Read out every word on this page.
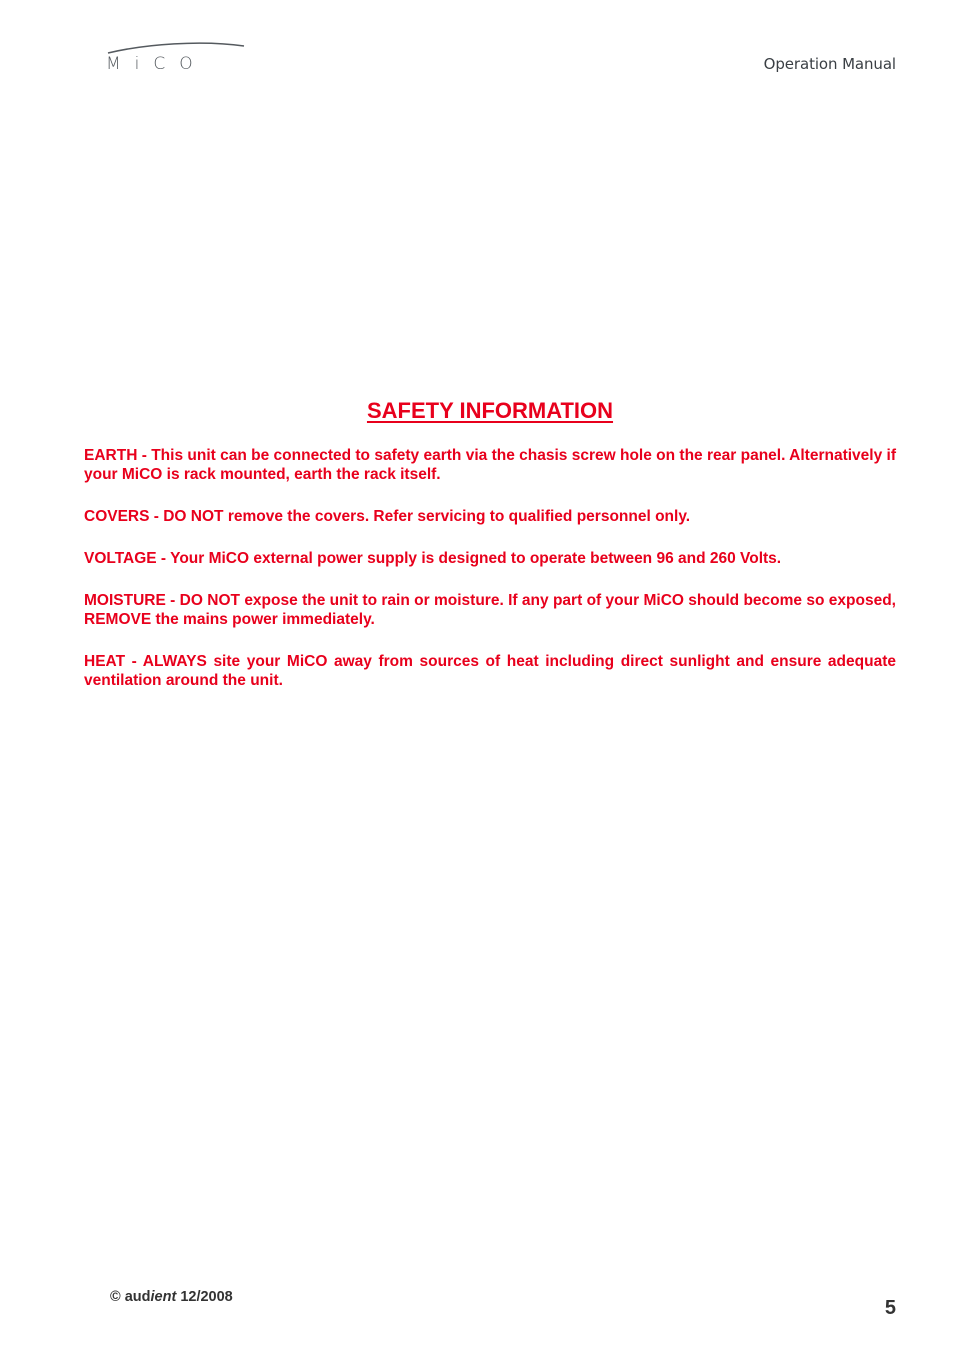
MiCO	Operation Manual
SAFETY INFORMATION

EARTH - This unit can be connected to safety earth via the chasis screw hole on the rear panel. Alternatively if your MiCO is rack mounted, earth the rack itself.

COVERS - DO NOT remove the covers. Refer servicing to qualified personnel only.

VOLTAGE - Your MiCO external power supply is designed to operate between 96 and 260 Volts.

MOISTURE - DO NOT expose the unit to rain or moisture. If any part of your MiCO should become so exposed, REMOVE the mains power immediately.

HEAT - ALWAYS site your MiCO away from sources of heat including direct sunlight and ensure adequate ventilation around the unit.

© audient 12/2008	5
